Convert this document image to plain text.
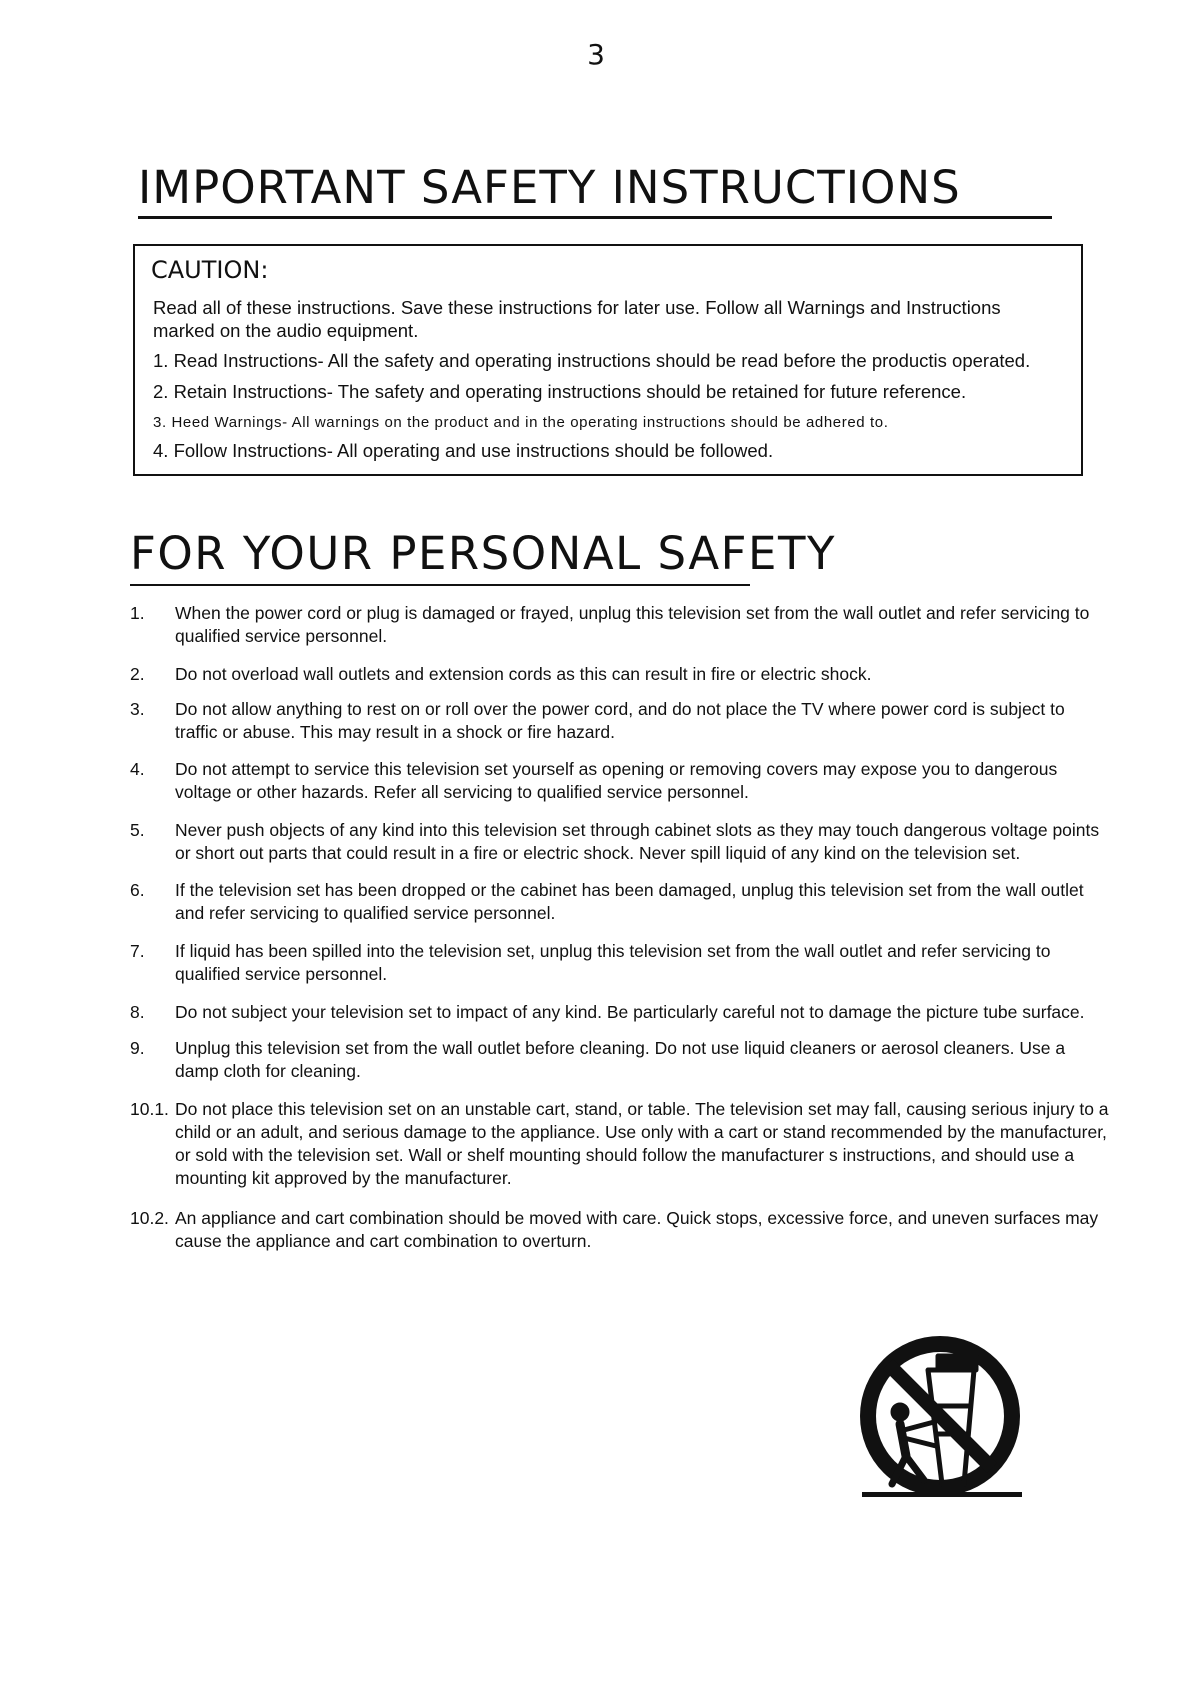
3
IMPORTANT SAFETY INSTRUCTIONS
CAUTION:
Read all of these instructions. Save these instructions for later use. Follow all Warnings and Instructions marked on the audio equipment.
1. Read Instructions- All the safety and operating instructions should be read before the productis operated.
2. Retain Instructions- The safety and operating instructions should be retained for future reference.
3. Heed Warnings- All warnings on the product and in the operating instructions should be adhered to.
4. Follow Instructions- All operating and use instructions should be followed.
FOR YOUR PERSONAL SAFETY
1.	When the power cord or plug is damaged or frayed, unplug this television set from the wall outlet and refer servicing to qualified service personnel.
2.	Do not overload wall outlets and extension cords as this can result in fire or electric shock.
3.	Do not allow anything to rest on or roll over the power cord, and do not place the TV where power cord is subject to traffic or abuse. This may result in a shock or fire hazard.
4.	Do not attempt to service this television set yourself as opening or removing covers may expose you to dangerous voltage or other hazards. Refer all servicing to qualified service personnel.
5.	Never push objects of any kind into this television set through cabinet slots as they may touch dangerous voltage points or short out parts that could result in a fire or electric shock. Never spill liquid of any kind on the television set.
6.	If the television set has been dropped or the cabinet has been damaged, unplug this television set from the wall outlet and refer servicing to qualified service personnel.
7.	If liquid has been spilled into the television set, unplug this television set from the wall outlet and refer servicing to qualified service personnel.
8.	Do not subject your television set to impact of any kind. Be particularly careful not to damage the picture tube surface.
9.	Unplug this television set from the wall outlet before cleaning. Do not use liquid cleaners or aerosol cleaners. Use a damp cloth for cleaning.
10.1. Do not place this television set on an unstable cart, stand, or table. The television set may fall, causing serious injury to a child or an adult, and serious damage to the appliance. Use only with a cart or stand recommended by the manufacturer, or sold with the television set. Wall or shelf mounting should follow the manufacturer s instructions, and should use a mounting kit approved by the manufacturer.
10.2. An appliance and cart combination should be moved with care. Quick stops, excessive force, and uneven surfaces may cause the appliance and cart combination to overturn.
